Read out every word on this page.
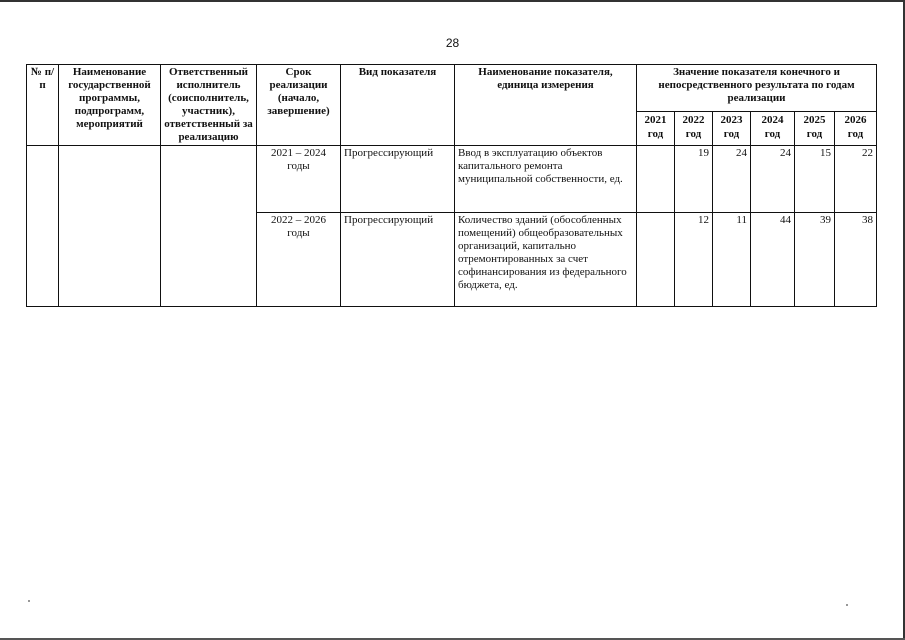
28
№ п/п	Наименование государственной программы, подпрограмм, мероприятий	Ответственный исполнитель (соисполнитель, участник), ответственный за реализацию	Срок реализации (начало, завершение)	Вид показателя	Наименование показателя, единица измерения	Значение показателя конечного и непосредственного результата по годам реализации					
						2021 год	2022 год	2023 год	2024 год	2025 год	2026 год
			2021 – 2024 годы	Прогрессирующий	Ввод в эксплуатацию объектов капитального ремонта муниципальной собственности, ед.		19	24	24	15	22
			2022 – 2026 годы	Прогрессирующий	Количество зданий (обособленных помещений) общеобразовательных организаций, капитально отремонтированных за счет софинансирования из федерального бюджета, ед.		12	11	44	39	38
